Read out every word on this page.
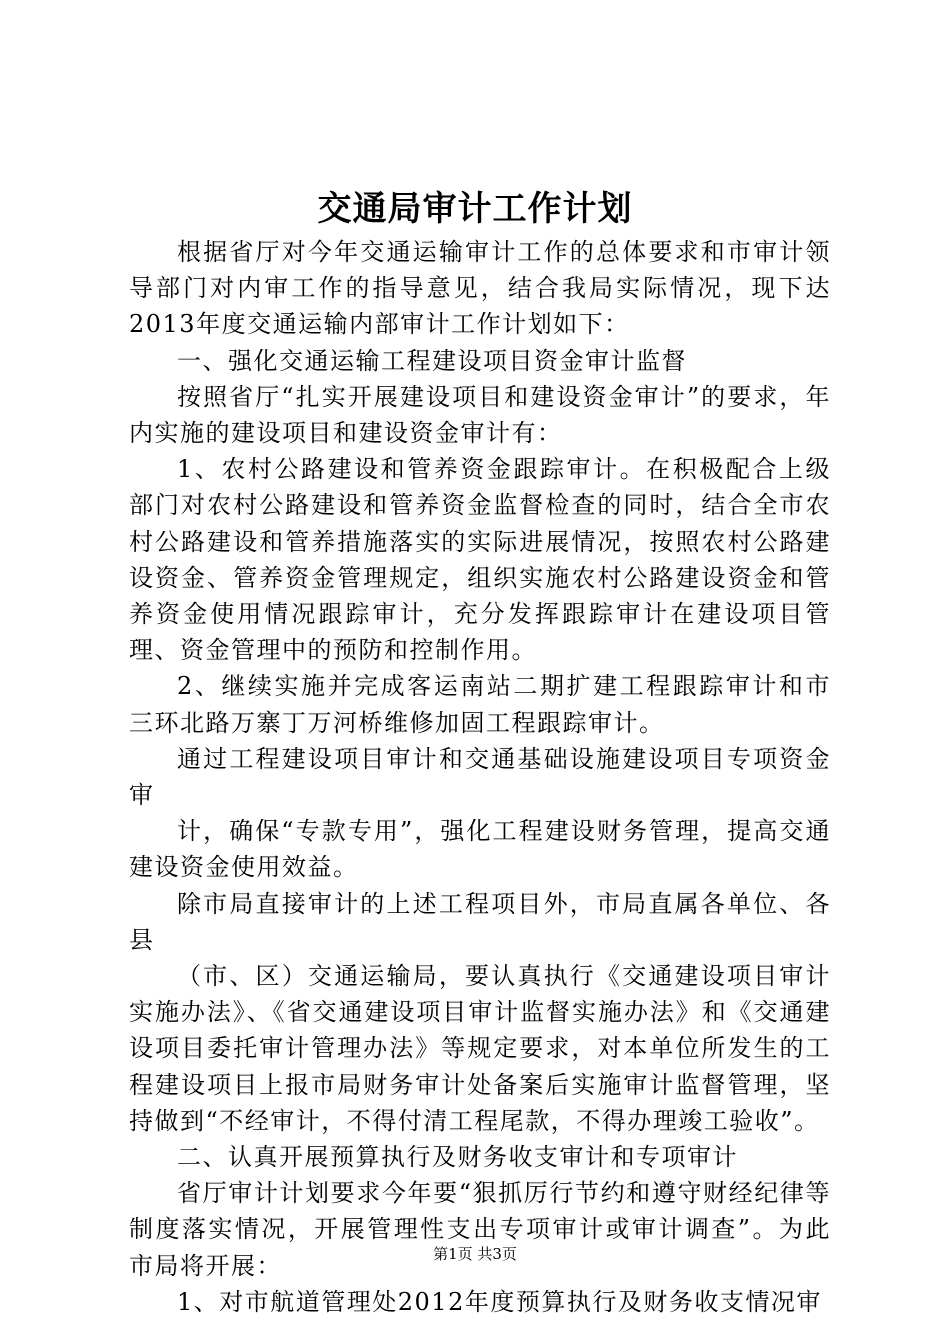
交通局审计工作计划

根据省厅对今年交通运输审计工作的总体要求和市审计领导部门对内审工作的指导意见，结合我局实际情况，现下达2013年度交通运输内部审计工作计划如下：

一、强化交通运输工程建设项目资金审计监督

按照省厅“扎实开展建设项目和建设资金审计”的要求，年内实施的建设项目和建设资金审计有：

1、农村公路建设和管养资金跟踪审计。在积极配合上级部门对农村公路建设和管养资金监督检查的同时，结合全市农村公路建设和管养措施落实的实际进展情况，按照农村公路建设资金、管养资金管理规定，组织实施农村公路建设资金和管养资金使用情况跟踪审计，充分发挥跟踪审计在建设项目管理、资金管理中的预防和控制作用。

2、继续实施并完成客运南站二期扩建工程跟踪审计和市三环北路万寨丁万河桥维修加固工程跟踪审计。

通过工程建设项目审计和交通基础设施建设项目专项资金审

计，确保“专款专用”，强化工程建设财务管理，提高交通建设资金使用效益。

除市局直接审计的上述工程项目外，市局直属各单位、各县

（市、区）交通运输局，要认真执行《交通建设项目审计实施办法》、《省交通建设项目审计监督实施办法》和《交通建设项目委托审计管理办法》等规定要求，对本单位所发生的工程建设项目上报市局财务审计处备案后实施审计监督管理，坚持做到“不经审计，不得付清工程尾款，不得办理竣工验收”。

二、认真开展预算执行及财务收支审计和专项审计

省厅审计计划要求今年要“狠抓厉行节约和遵守财经纪律等制度落实情况，开展管理性支出专项审计或审计调查”。为此市局将开展：

1、对市航道管理处2012年度预算执行及财务收支情况审

第1页 共3页
